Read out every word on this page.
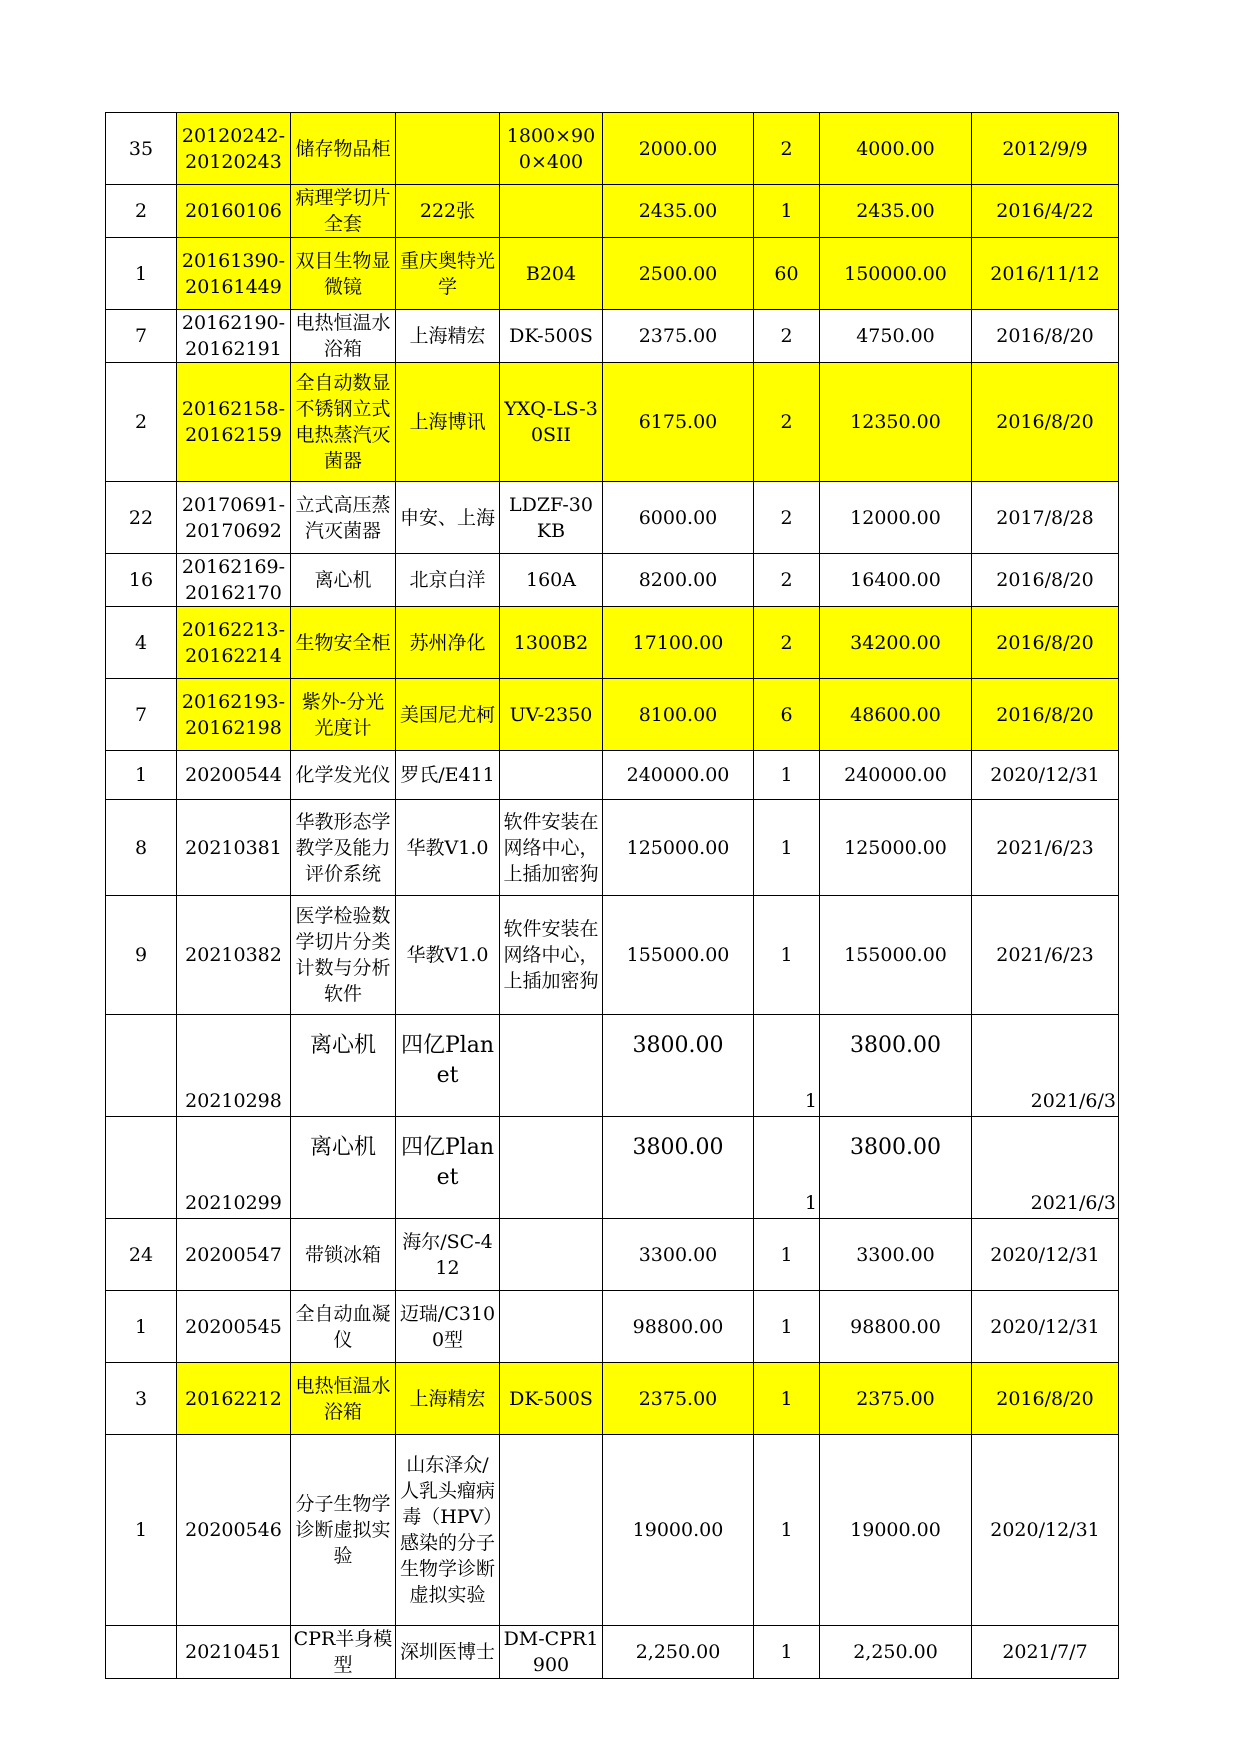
35	20120242-20120243	储存物品柜		1800×900×400	2000.00	2	4000.00	2012/9/9
2	20160106	病理学切片全套	222张		2435.00	1	2435.00	2016/4/22
1	20161390-20161449	双目生物显微镜	重庆奥特光学	B204	2500.00	60	150000.00	2016/11/12
7	20162190-20162191	电热恒温水浴箱	上海精宏	DK-500S	2375.00	2	4750.00	2016/8/20
2	20162158-20162159	全自动数显不锈钢立式电热蒸汽灭菌器	上海博讯	YXQ-LS-30SII	6175.00	2	12350.00	2016/8/20
22	20170691-20170692	立式高压蒸汽灭菌器	申安、上海	LDZF-30KB	6000.00	2	12000.00	2017/8/28
16	20162169-20162170	离心机	北京白洋	160A	8200.00	2	16400.00	2016/8/20
4	20162213-20162214	生物安全柜	苏州净化	1300B2	17100.00	2	34200.00	2016/8/20
7	20162193-20162198	紫外-分光光度计	美国尼尤柯	UV-2350	8100.00	6	48600.00	2016/8/20
1	20200544	化学发光仪	罗氏/E411		240000.00	1	240000.00	2020/12/31
8	20210381	华教形态学教学及能力评价系统	华教V1.0	软件安装在网络中心，上插加密狗	125000.00	1	125000.00	2021/6/23
9	20210382	医学检验数学切片分类计数与分析软件	华教V1.0	软件安装在网络中心，上插加密狗	155000.00	1	155000.00	2021/6/23
	20210298	离心机	四亿Planet		3800.00	1	3800.00	2021/6/3
	20210299	离心机	四亿Planet		3800.00	1	3800.00	2021/6/3
24	20200547	带锁冰箱	海尔/SC-412		3300.00	1	3300.00	2020/12/31
1	20200545	全自动血凝仪	迈瑞/C3100型		98800.00	1	98800.00	2020/12/31
3	20162212	电热恒温水浴箱	上海精宏	DK-500S	2375.00	1	2375.00	2016/8/20
1	20200546	分子生物学诊断虚拟实验	山东泽众/人乳头瘤病毒（HPV）感染的分子生物学诊断虚拟实验		19000.00	1	19000.00	2020/12/31
	20210451	CPR半身模型	深圳医博士	DM-CPR1900	2,250.00	1	2,250.00	2021/7/7
